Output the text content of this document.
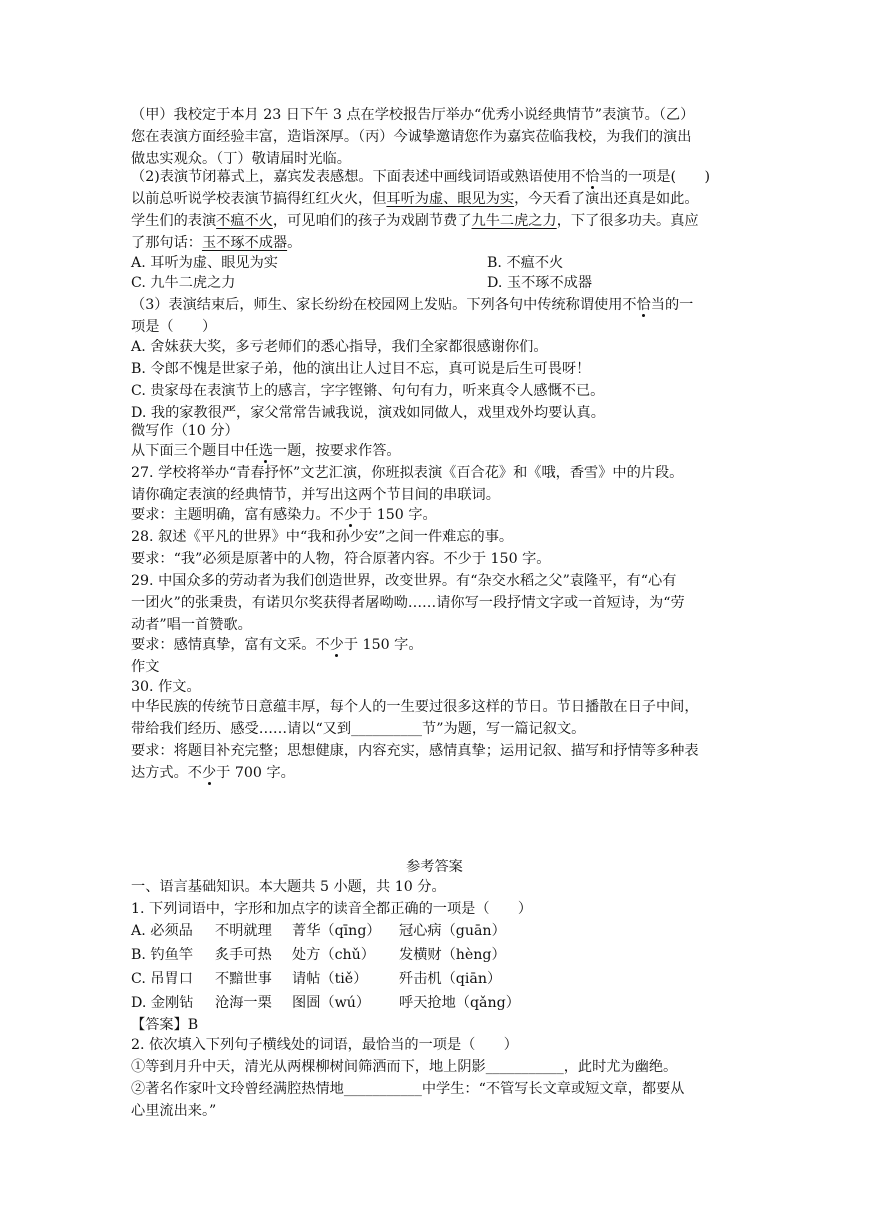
（甲）我校定于本月 23 日下午 3 点在学校报告厅举办“优秀小说经典情节”表演节。（乙）
您在表演方面经验丰富，造诣深厚。（丙）今诚挚邀请您作为嘉宾莅临我校，为我们的演出
做忠实观众。（丁）敬请届时光临。
（2)表演节闭幕式上，嘉宾发表感想。下面表述中画线词语或熟语使用不恰当的一项是(　　)
以前总听说学校表演节搞得红红火火，但耳听为虚、眼见为实，今天看了演出还真是如此。
学生们的表演不瘟不火，可见咱们的孩子为戏剧节费了九牛二虎之力，下了很多功夫。真应
了那句话：玉不琢不成器。
A. 耳听为虚、眼见为实	B. 不瘟不火
C. 九牛二虎之力	D. 玉不琢不成器
（3）表演结束后，师生、家长纷纷在校园网上发贴。下列各句中传统称谓使用不恰当的一
项是（　　）
A. 舍妹获大奖，多亏老师们的悉心指导，我们全家都很感谢你们。
B. 令郎不愧是世家子弟，他的演出让人过目不忘，真可说是后生可畏呀！
C. 贵家母在表演节上的感言，字字铿锵、句句有力，听来真令人感慨不已。
D. 我的家教很严，家父常常告诫我说，演戏如同做人，戏里戏外均要认真。
微写作（10 分）
从下面三个题目中任选一题，按要求作答。
27. 学校将举办“青春抒怀”文艺汇演，你班拟表演《百合花》和《哦，香雪》中的片段。
请你确定表演的经典情节，并写出这两个节目间的串联词。
要求：主题明确，富有感染力。不少于 150 字。
28. 叙述《平凡的世界》中“我和孙少安”之间一件难忘的事。
要求：“我”必须是原著中的人物，符合原著内容。不少于 150 字。
29. 中国众多的劳动者为我们创造世界，改变世界。有“杂交水稻之父”袁隆平，有“心有
一团火”的张秉贵，有诺贝尔奖获得者屠呦呦……请你写一段抒情文字或一首短诗，为“劳
动者”唱一首赞歌。
要求：感情真挚，富有文采。不少于 150 字。
作文
30. 作文。
中华民族的传统节日意蕴丰厚，每个人的一生要过很多这样的节日。节日播散在日子中间，
带给我们经历、感受……请以“又到__________节”为题，写一篇记叙文。
要求：将题目补充完整；思想健康，内容充实，感情真挚；运用记叙、描写和抒情等多种表
达方式。不少于 700 字。
参考答案
一、语言基础知识。本大题共 5 小题，共 10 分。
1. 下列词语中，字形和加点字的读音全都正确的一项是（　　）
A. 必须品 不明就理 菁华（qīng） 冠心病（guān）
B. 钓鱼竿 炙手可热 处方（chǔ） 发横财（hèng）
C. 吊胃口 不黯世事 请帖（tiě） 歼击机（qiān）
D. 金刚钻 沧海一栗 图圄（wú） 呼天抢地（qǎng）
【答案】B
2. 依次填入下列句子横线处的词语，最恰当的一项是（　　）
①等到月升中天，清光从两棵柳树间筛洒而下，地上阴影___________，此时尤为幽绝。
②著名作家叶文玲曾经满腔热情地___________中学生：“不管写长文章或短文章，都要从
心里流出来。”
